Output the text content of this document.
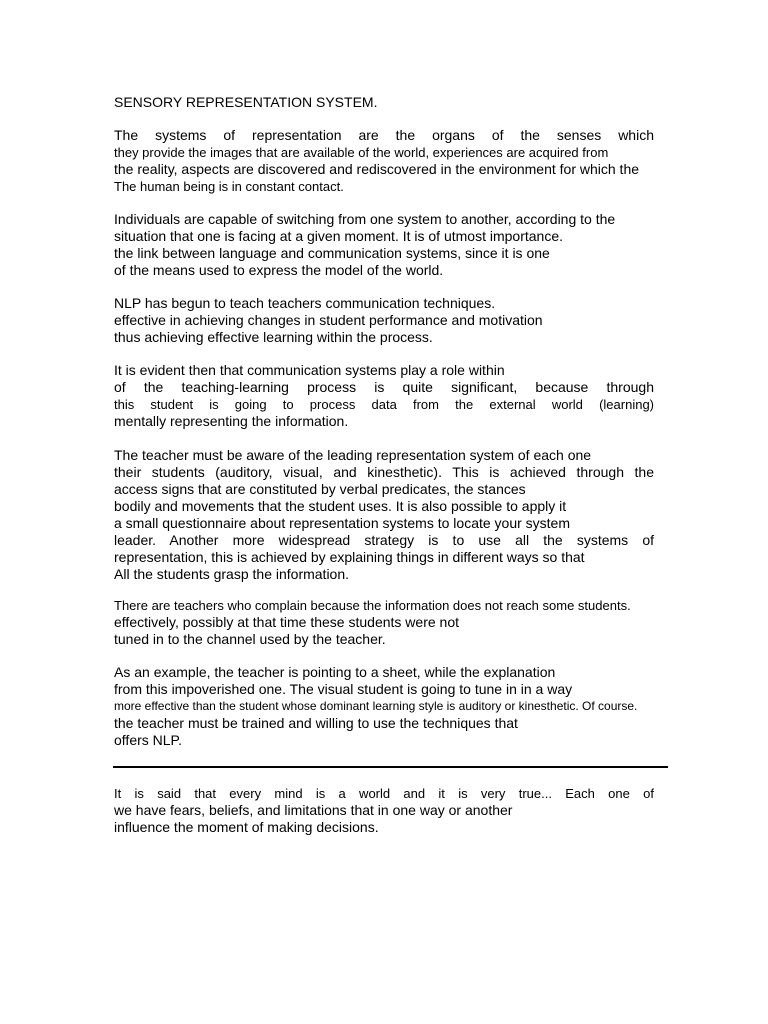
SENSORY REPRESENTATION SYSTEM.
The systems of representation are the organs of the senses which
they provide the images that are available of the world, experiences are acquired from
the reality, aspects are discovered and rediscovered in the environment for which the
The human being is in constant contact.
Individuals are capable of switching from one system to another, according to the
situation that one is facing at a given moment. It is of utmost importance.
the link between language and communication systems, since it is one
of the means used to express the model of the world.
NLP has begun to teach teachers communication techniques.
effective in achieving changes in student performance and motivation
thus achieving effective learning within the process.
It is evident then that communication systems play a role within
of the teaching-learning process is quite significant, because through
this student is going to process data from the external world (learning)
mentally representing the information.
The teacher must be aware of the leading representation system of each one
their students (auditory, visual, and kinesthetic). This is achieved through the
access signs that are constituted by verbal predicates, the stances
bodily and movements that the student uses. It is also possible to apply it
a small questionnaire about representation systems to locate your system
leader. Another more widespread strategy is to use all the systems of
representation, this is achieved by explaining things in different ways so that
All the students grasp the information.
There are teachers who complain because the information does not reach some students.
effectively, possibly at that time these students were not
tuned in to the channel used by the teacher.
As an example, the teacher is pointing to a sheet, while the explanation
from this impoverished one. The visual student is going to tune in in a way
more effective than the student whose dominant learning style is auditory or kinesthetic. Of course.
the teacher must be trained and willing to use the techniques that
offers NLP.
It is said that every mind is a world and it is very true... Each one of
we have fears, beliefs, and limitations that in one way or another
influence the moment of making decisions.
